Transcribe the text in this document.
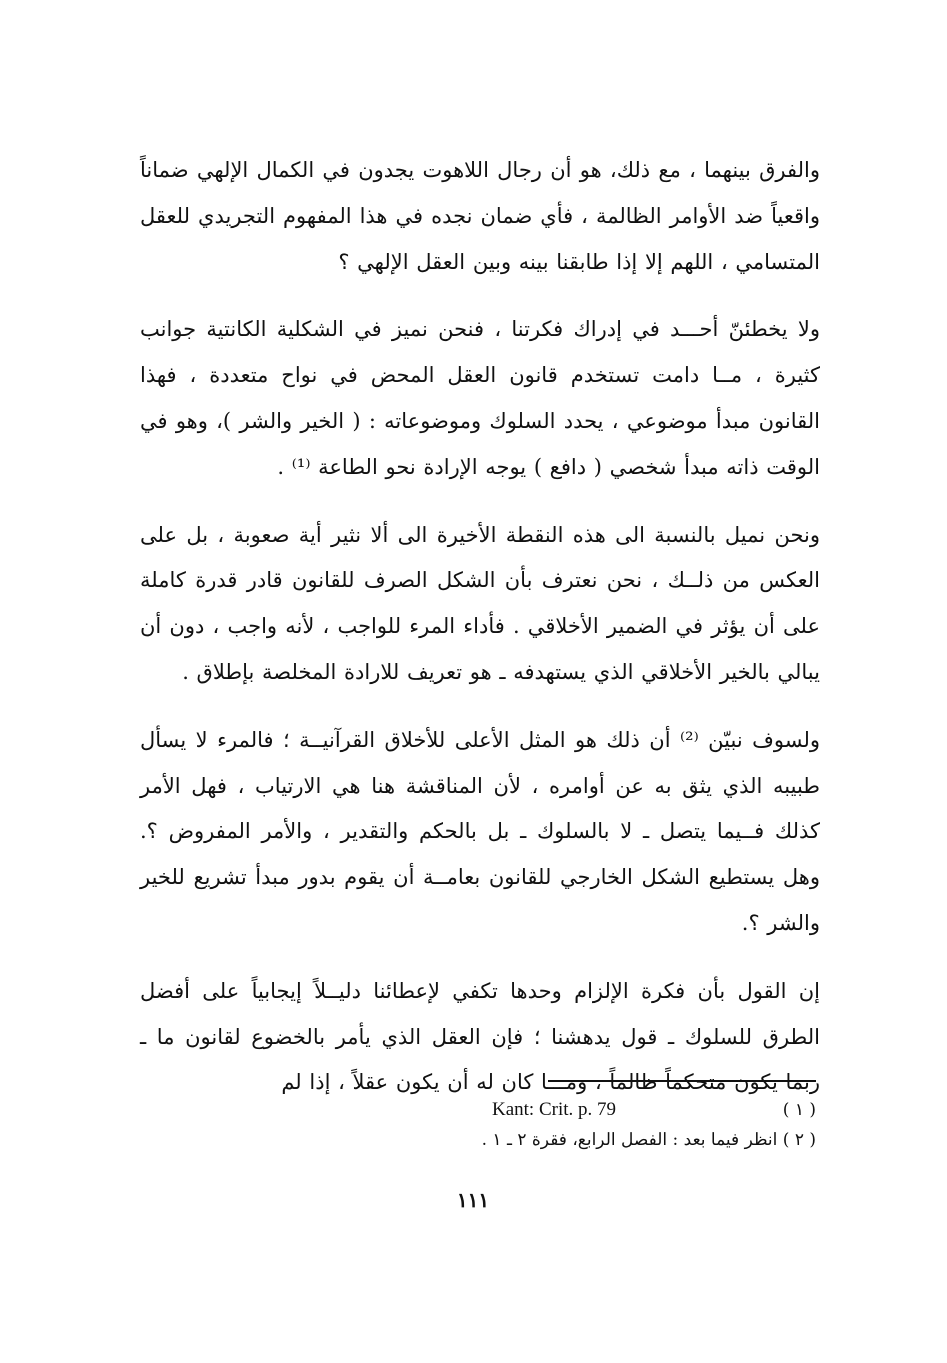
والفرق بينهما ، مع ذلك، هو أن رجال اللاهوت يجدون في الكمال الإلهي ضماناً واقعياً ضد الأوامر الظالمة ، فأي ضمان نجده في هذا المفهوم التجريدي للعقل المتسامي ، اللهم إلا إذا طابقنا بينه وبين العقل الإلهي ؟

ولا يخطئنّ أحـــد في إدراك فكرتنا ، فنحن نميز في الشكلية الكانتية جوانب كثيرة ، مــا دامت تستخدم قانون العقل المحض في نواح متعددة ، فهذا القانون مبدأ موضوعي ، يحدد السلوك وموضوعاته : ( الخير والشر )، وهو في الوقت ذاته مبدأ شخصي ( دافع ) يوجه الإرادة نحو الطاعة ⁽¹⁾ .

ونحن نميل بالنسبة الى هذه النقطة الأخيرة الى ألا نثير أية صعوبة ، بل على العكس من ذلــك ، نحن نعترف بأن الشكل الصرف للقانون قادر قدرة كاملة على أن يؤثر في الضمير الأخلاقي . فأداء المرء للواجب ، لأنه واجب ، دون أن يبالي بالخير الأخلاقي الذي يستهدفه ـ هو تعريف للارادة المخلصة بإطلاق .

ولسوف نبيّن ⁽²⁾ أن ذلك هو المثل الأعلى للأخلاق القرآنيــة ؛ فالمرء لا يسأل طبيبه الذي يثق به عن أوامره ، لأن المناقشة هنا هي الارتياب ، فهل الأمر كذلك فــيما يتصل ـ لا بالسلوك ـ بل بالحكم والتقدير ، والأمر المفروض ؟. وهل يستطيع الشكل الخارجي للقانون بعامــة أن يقوم بدور مبدأ تشريع للخير والشر ؟.

إن القول بأن فكرة الإلزام وحدها تكفي لإعطائنا دليــلاً إيجابياً على أفضل الطرق للسلوك ـ قول يدهشنا ؛ فإن العقل الذي يأمر بالخضوع لقانون ما ـ ربما يكون متحكماً ظالماً ، ومـــا كان له أن يكون عقلاً ، إذا لم

Kant: Crit. p. 79	( ١ )
( ٢ ) انظر فيما بعد : الفصل الرابع، فقرة ٢ ـ ١ .
١١١
